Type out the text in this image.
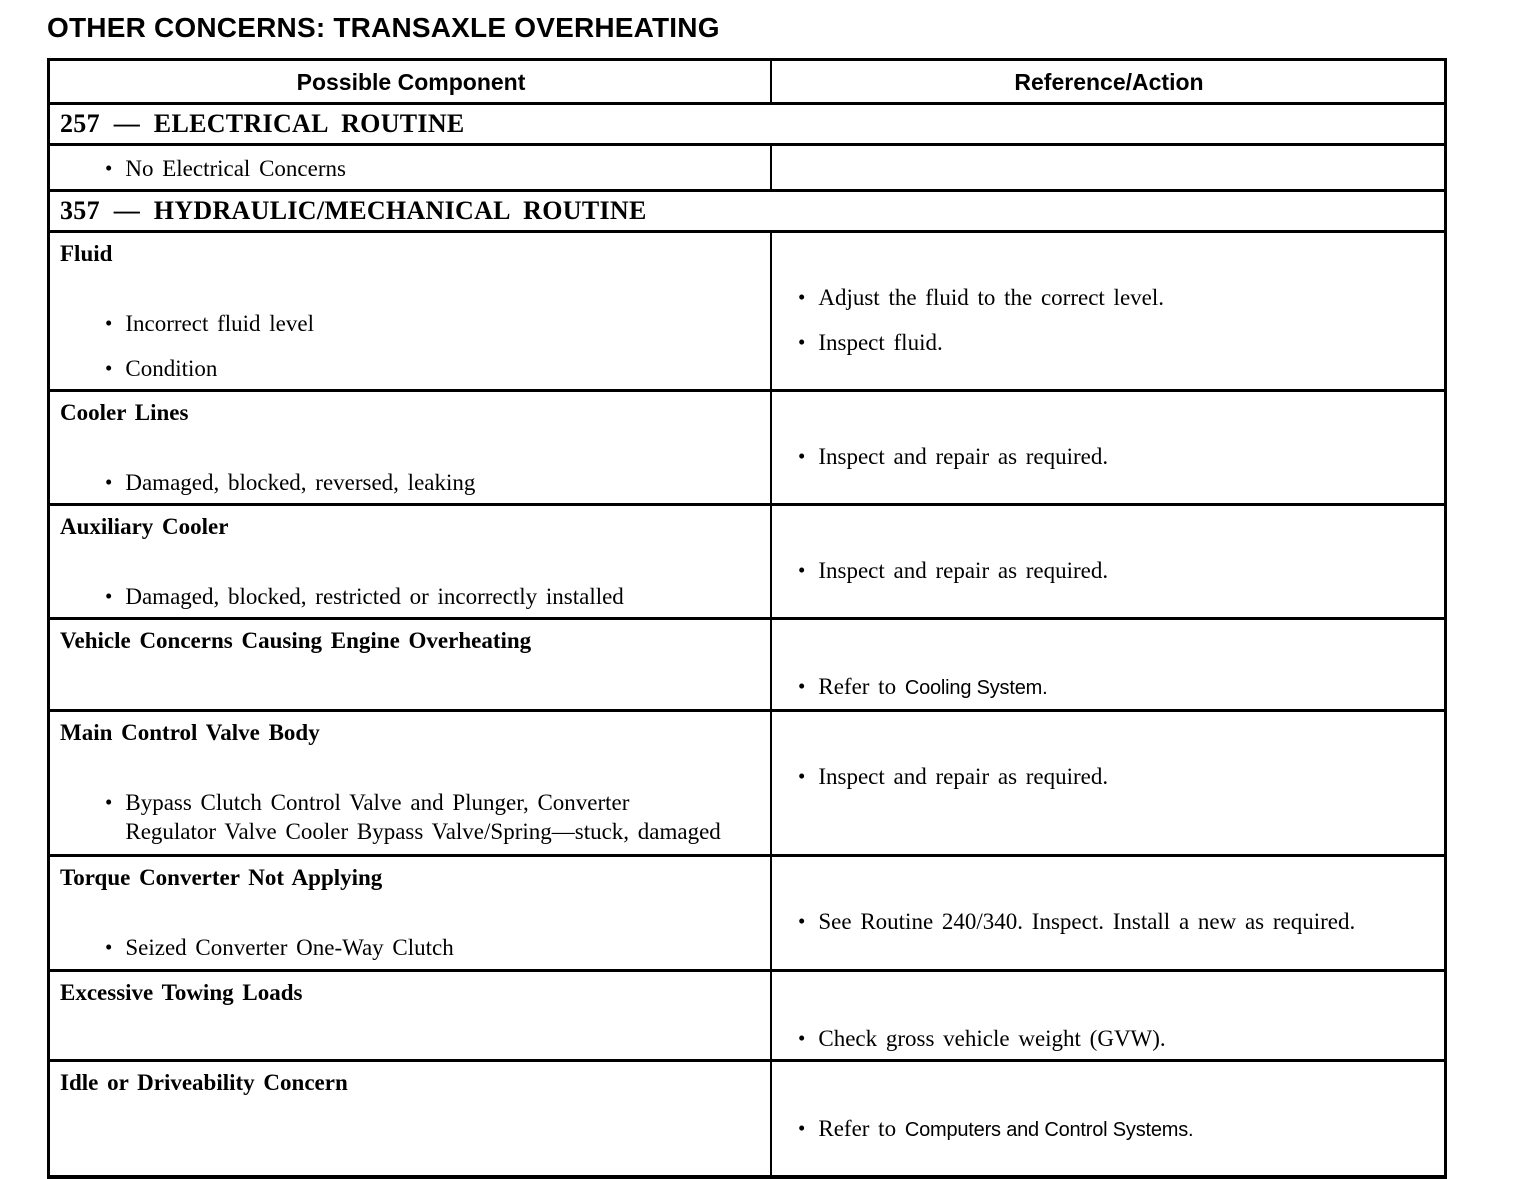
OTHER CONCERNS: TRANSAXLE OVERHEATING
Possible Component	Reference/Action
257 — ELECTRICAL ROUTINE
• No Electrical Concerns
357 — HYDRAULIC/MECHANICAL ROUTINE
Fluid
• Incorrect fluid level
• Condition
• Adjust the fluid to the correct level.
• Inspect fluid.
Cooler Lines
• Damaged, blocked, reversed, leaking
• Inspect and repair as required.
Auxiliary Cooler
• Damaged, blocked, restricted or incorrectly installed
• Inspect and repair as required.
Vehicle Concerns Causing Engine Overheating
• Refer to Cooling System.
Main Control Valve Body
• Bypass Clutch Control Valve and Plunger, Converter Regulator Valve Cooler Bypass Valve/Spring—stuck, damaged
• Inspect and repair as required.
Torque Converter Not Applying
• Seized Converter One-Way Clutch
• See Routine 240/340. Inspect. Install a new as required.
Excessive Towing Loads
• Check gross vehicle weight (GVW).
Idle or Driveability Concern
• Refer to Computers and Control Systems.
